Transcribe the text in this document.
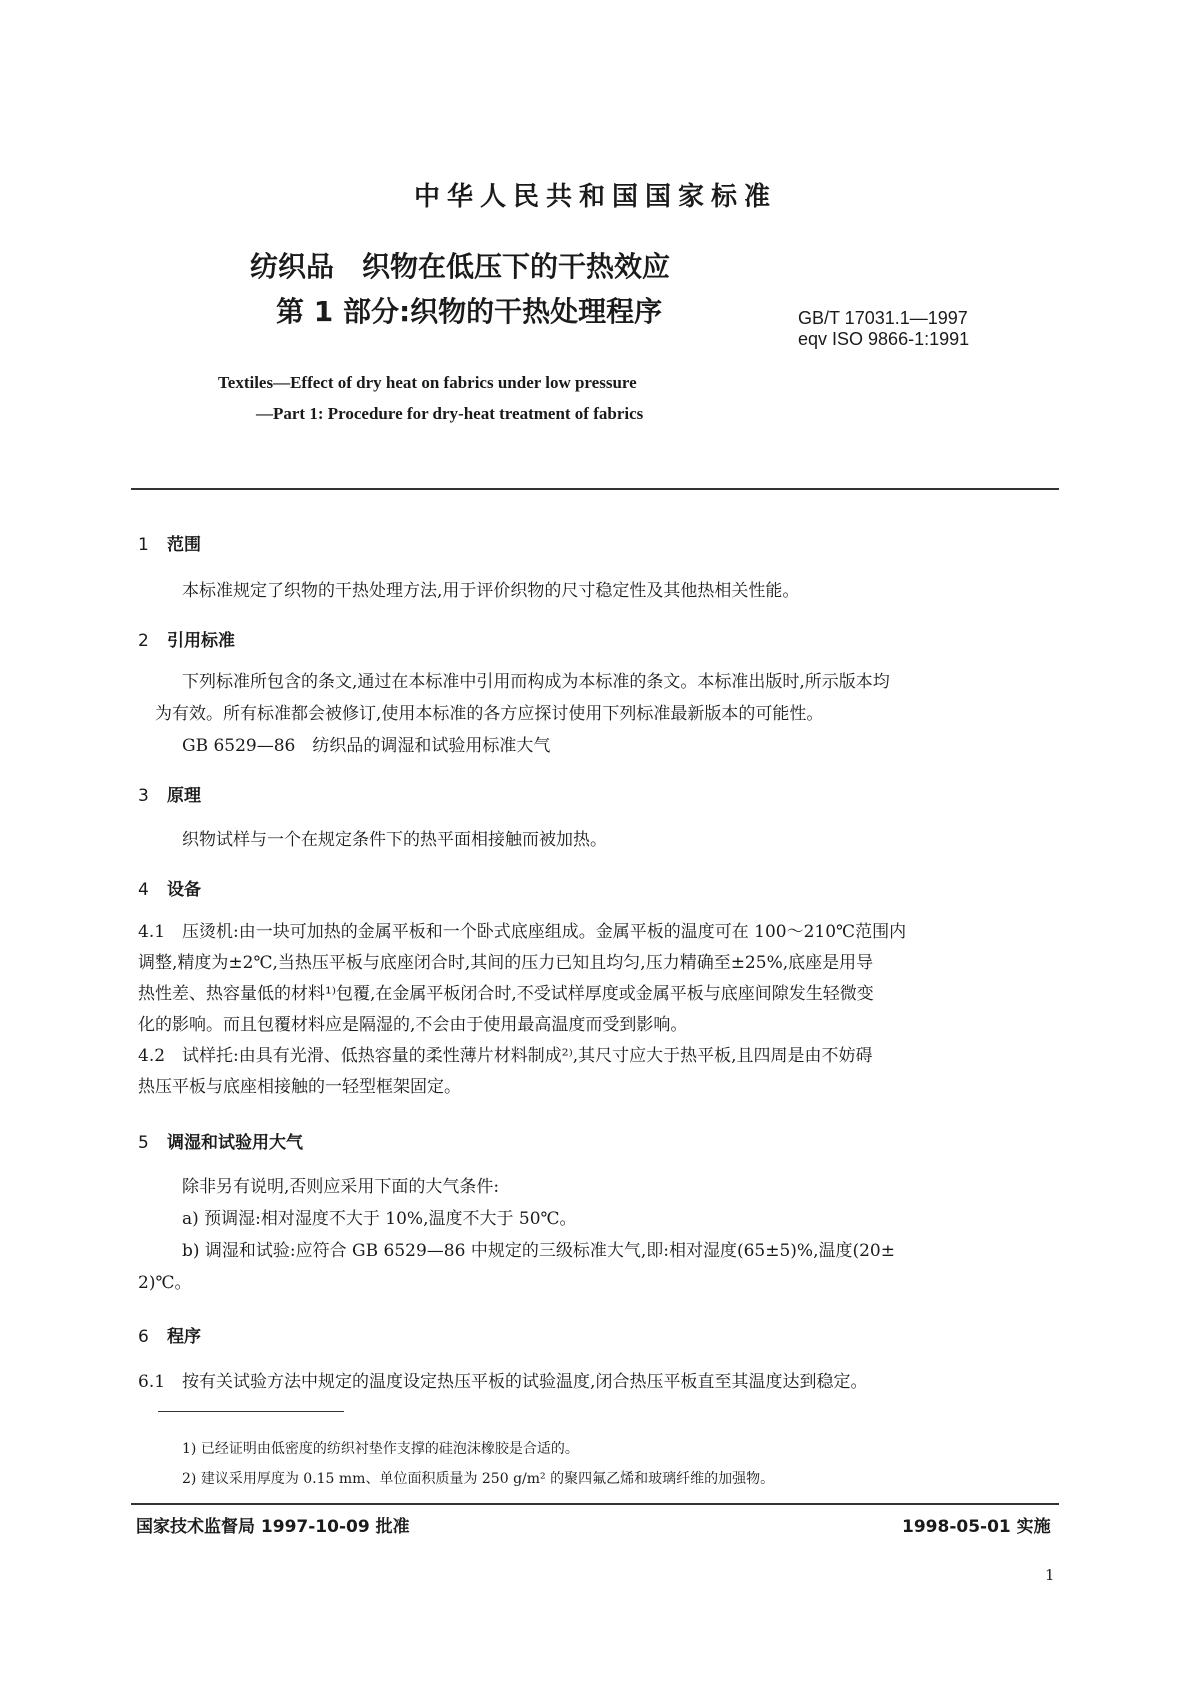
中华人民共和国国家标准
纺织品　织物在低压下的干热效应
第 1 部分:织物的干热处理程序	GB/T 17031.1—1997
eqv ISO 9866-1:1991
Textiles—Effect of dry heat on fabrics under low pressure
—Part 1: Procedure for dry-heat treatment of fabrics
1 范围
本标准规定了织物的干热处理方法,用于评价织物的尺寸稳定性及其他热相关性能。
2 引用标准
下列标准所包含的条文,通过在本标准中引用而构成为本标准的条文。本标准出版时,所示版本均
为有效。所有标准都会被修订,使用本标准的各方应探讨使用下列标准最新版本的可能性。
GB 6529—86　纺织品的调湿和试验用标准大气
3 原理
织物试样与一个在规定条件下的热平面相接触而被加热。
4 设备
4.1　压烫机:由一块可加热的金属平板和一个卧式底座组成。金属平板的温度可在 100～210℃范围内
调整,精度为±2℃,当热压平板与底座闭合时,其间的压力已知且均匀,压力精确至±25%,底座是用导
热性差、热容量低的材料¹⁾包覆,在金属平板闭合时,不受试样厚度或金属平板与底座间隙发生轻微变
化的影响。而且包覆材料应是隔湿的,不会由于使用最高温度而受到影响。
4.2　试样托:由具有光滑、低热容量的柔性薄片材料制成²⁾,其尺寸应大于热平板,且四周是由不妨碍
热压平板与底座相接触的一轻型框架固定。
5 调湿和试验用大气
除非另有说明,否则应采用下面的大气条件:
a) 预调湿:相对湿度不大于 10%,温度不大于 50℃。
b) 调湿和试验:应符合 GB 6529—86 中规定的三级标准大气,即:相对湿度(65±5)%,温度(20±
2)℃。
6 程序
6.1　按有关试验方法中规定的温度设定热压平板的试验温度,闭合热压平板直至其温度达到稳定。
1) 已经证明由低密度的纺织衬垫作支撑的硅泡沫橡胶是合适的。
2) 建议采用厚度为 0.15 mm、单位面积质量为 250 g/m² 的聚四氟乙烯和玻璃纤维的加强物。
国家技术监督局 1997-10-09 批准	1998-05-01 实施
1
